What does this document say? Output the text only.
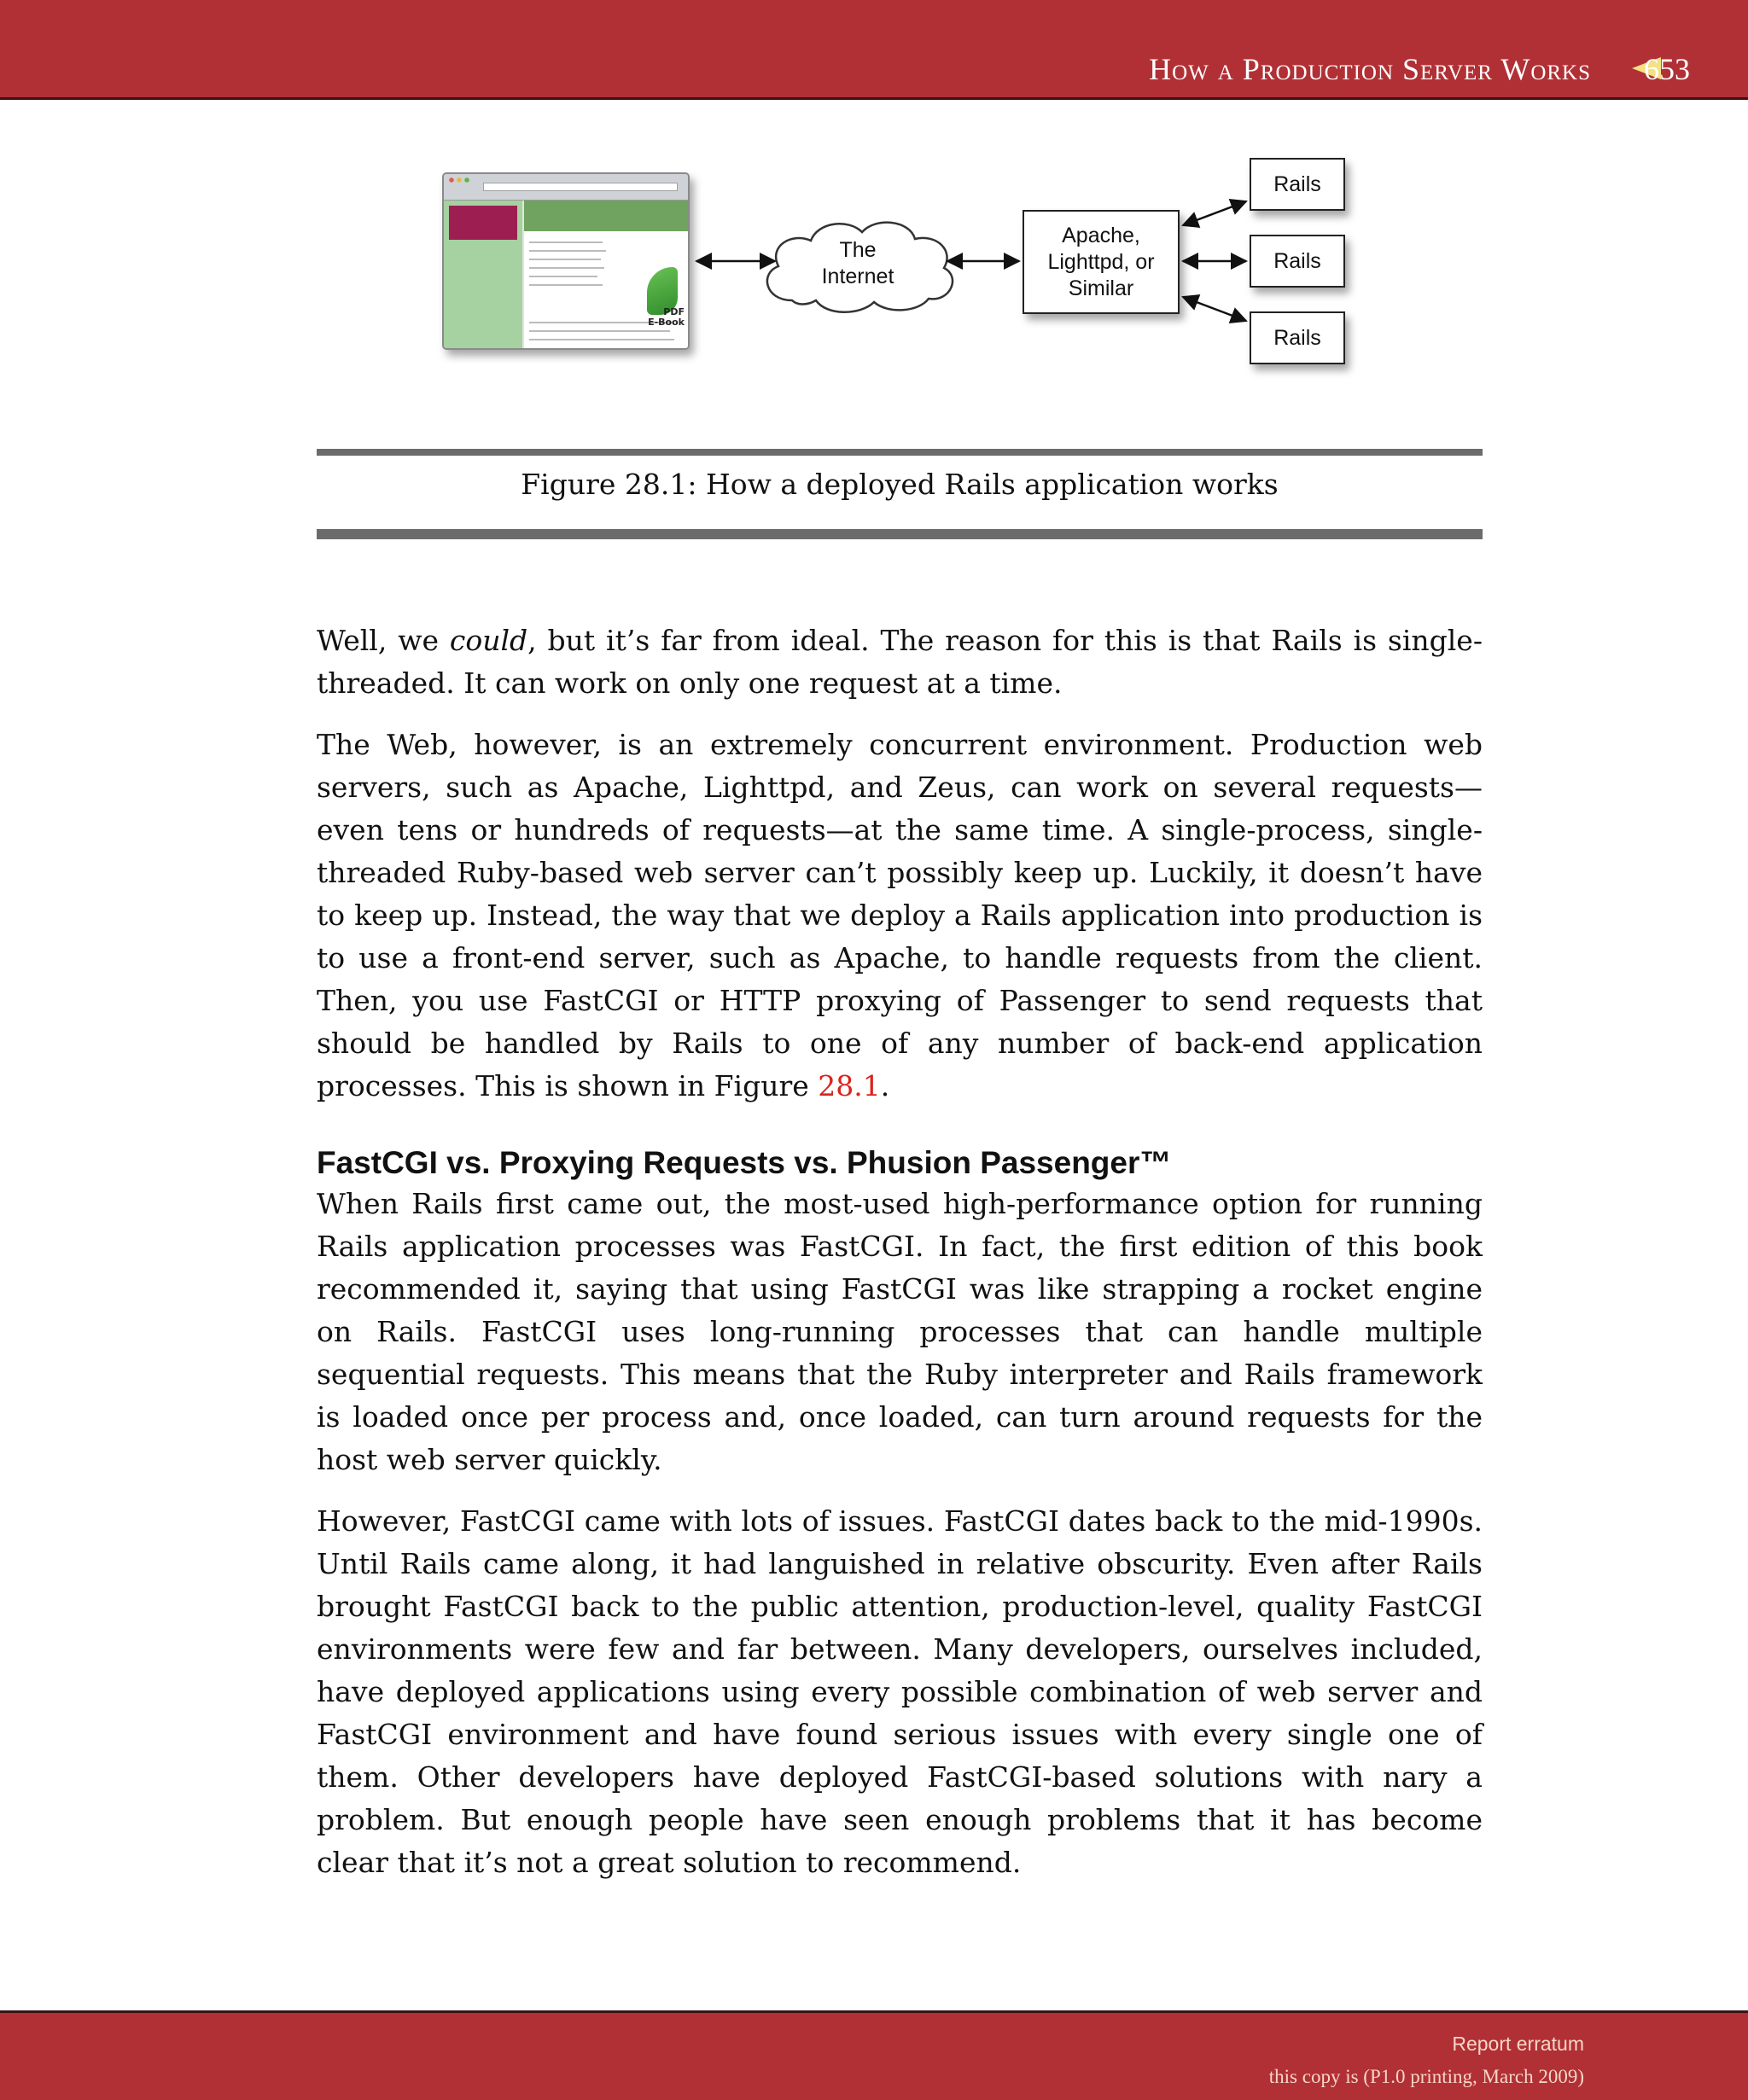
How a Production Server Works 653
PDF
E-Book
The
Internet
Apache,
Lighttpd, or
Similar
Rails
Rails
Rails
Figure 28.1: How a deployed Rails application works

Well, we could, but it’s far from ideal. The reason for this is that Rails is single-threaded. It can work on only one request at a time.

The Web, however, is an extremely concurrent environment. Production web servers, such as Apache, Lighttpd, and Zeus, can work on several requests—even tens or hundreds of requests—at the same time. A single-process, single-threaded Ruby-based web server can’t possibly keep up. Luckily, it doesn’t have to keep up. Instead, the way that we deploy a Rails application into production is to use a front-end server, such as Apache, to handle requests from the client. Then, you use FastCGI or HTTP proxying of Passenger to send requests that should be handled by Rails to one of any number of back-end application processes. This is shown in Figure 28.1.

FastCGI vs. Proxying Requests vs. Phusion Passenger™

When Rails first came out, the most-used high-performance option for running Rails application processes was FastCGI. In fact, the first edition of this book recommended it, saying that using FastCGI was like strapping a rocket engine on Rails. FastCGI uses long-running processes that can handle multiple sequential requests. This means that the Ruby interpreter and Rails framework is loaded once per process and, once loaded, can turn around requests for the host web server quickly.

However, FastCGI came with lots of issues. FastCGI dates back to the mid-1990s. Until Rails came along, it had languished in relative obscurity. Even after Rails brought FastCGI back to the public attention, production-level, quality FastCGI environments were few and far between. Many developers, ourselves included, have deployed applications using every possible combination of web server and FastCGI environment and have found serious issues with every single one of them. Other developers have deployed FastCGI-based solutions with nary a problem. But enough people have seen enough problems that it has become clear that it’s not a great solution to recommend.

Report erratum
this copy is (P1.0 printing, March 2009)
